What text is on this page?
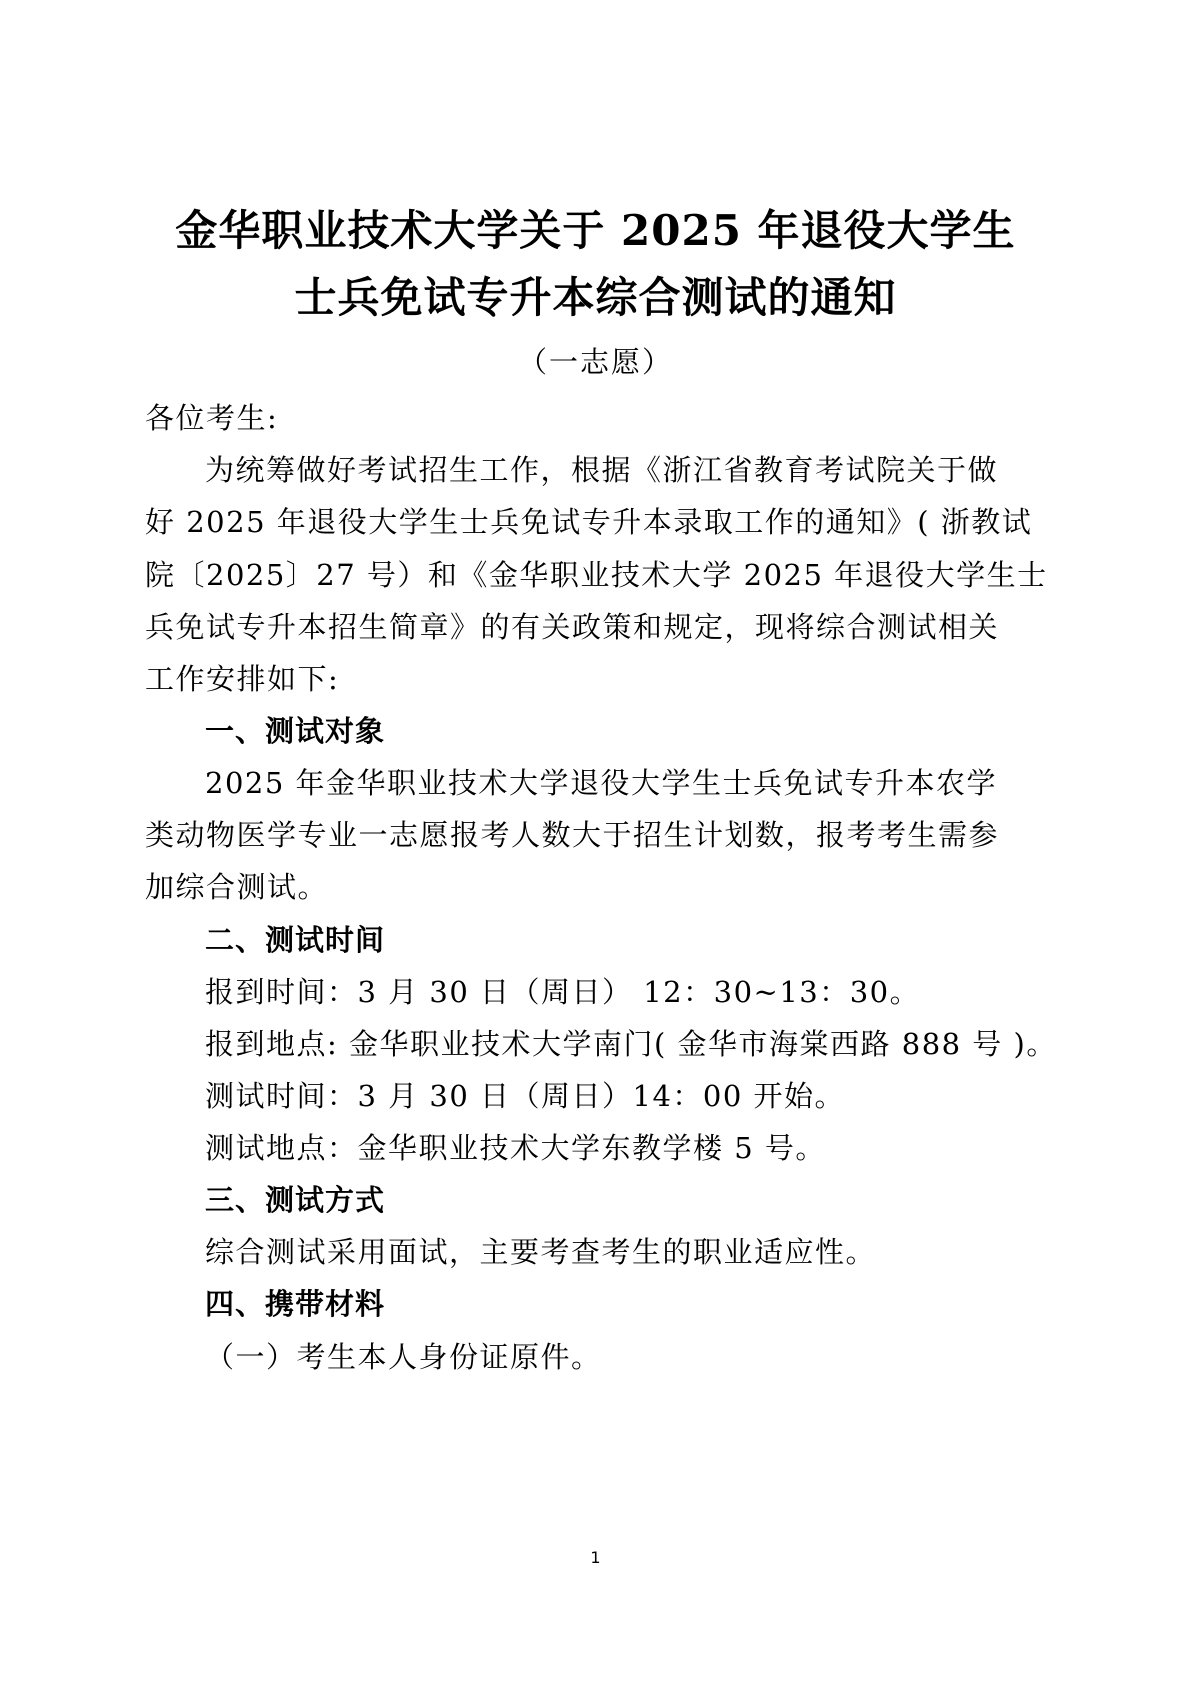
金华职业技术大学关于 2025 年退役大学生
士兵免试专升本综合测试的通知
（一志愿）
各位考生:
为统筹做好考试招生工作，根据《浙江省教育考试院关于做
好 2025 年退役大学生士兵免试专升本录取工作的通知》( 浙教试
院〔2025〕27 号）和《金华职业技术大学 2025 年退役大学生士
兵免试专升本招生简章》的有关政策和规定，现将综合测试相关
工作安排如下:
一、测试对象
2025 年金华职业技术大学退役大学生士兵免试专升本农学
类动物医学专业一志愿报考人数大于招生计划数，报考考生需参
加综合测试。
二、测试时间
报到时间：3 月 30 日（周日） 12：30~13：30。
报到地点: 金华职业技术大学南门( 金华市海棠西路 888 号 )。
测试时间：3 月 30 日（周日）14：00 开始。
测试地点：金华职业技术大学东教学楼 5 号。
三、测试方式
综合测试采用面试，主要考查考生的职业适应性。
四、携带材料
（一）考生本人身份证原件。
1
